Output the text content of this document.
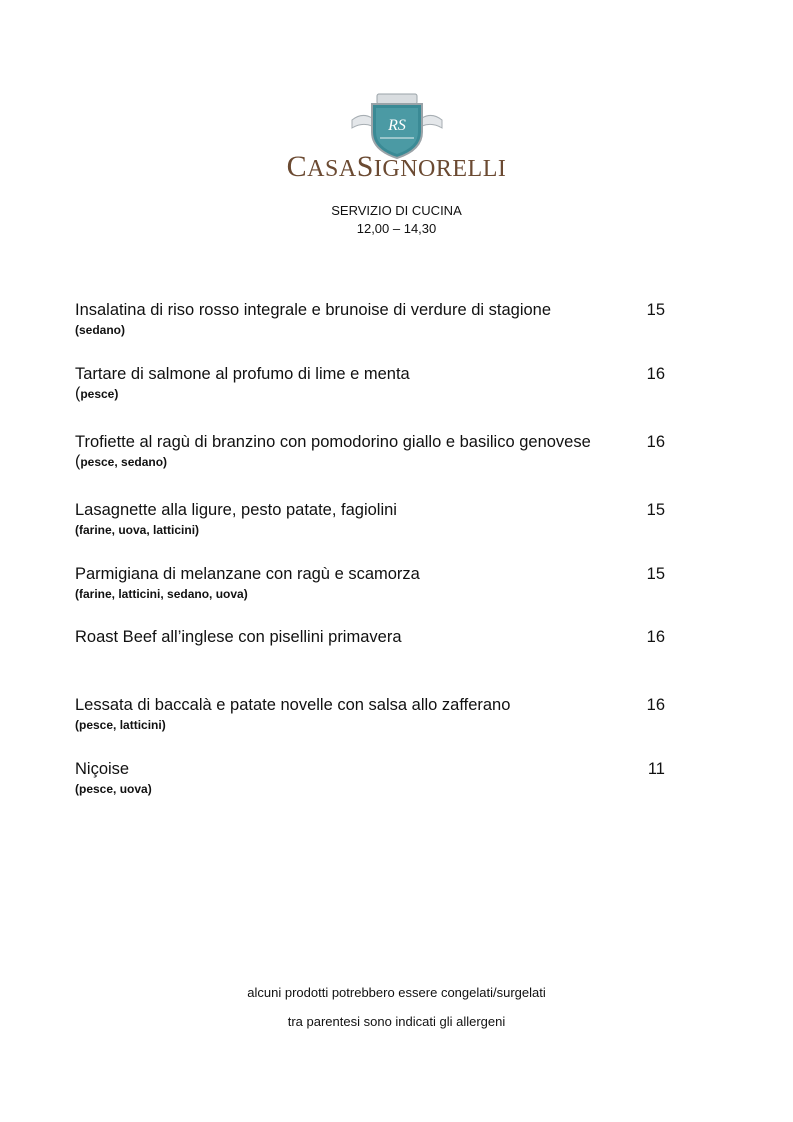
RS
CASASIGNORELLI
SERVIZIO DI CUCINA
12,00 – 14,30
Insalatina di riso rosso integrale e brunoise di verdure di stagione
(sedano)
15
Tartare di salmone al profumo di lime e menta
(pesce)
16
Trofiette al ragù di branzino con pomodorino giallo e basilico genovese
(pesce, sedano)
16
Lasagnette alla ligure, pesto patate, fagiolini
(farine, uova, latticini)
15
Parmigiana di melanzane con ragù e scamorza
(farine, latticini, sedano, uova)
15
Roast Beef all’inglese con pisellini primavera	16
Lessata di baccalà e patate novelle con salsa allo zafferano
(pesce, latticini)
16
Niçoise
(pesce, uova)
11
alcuni prodotti potrebbero essere congelati/surgelati
tra parentesi sono indicati gli allergeni
